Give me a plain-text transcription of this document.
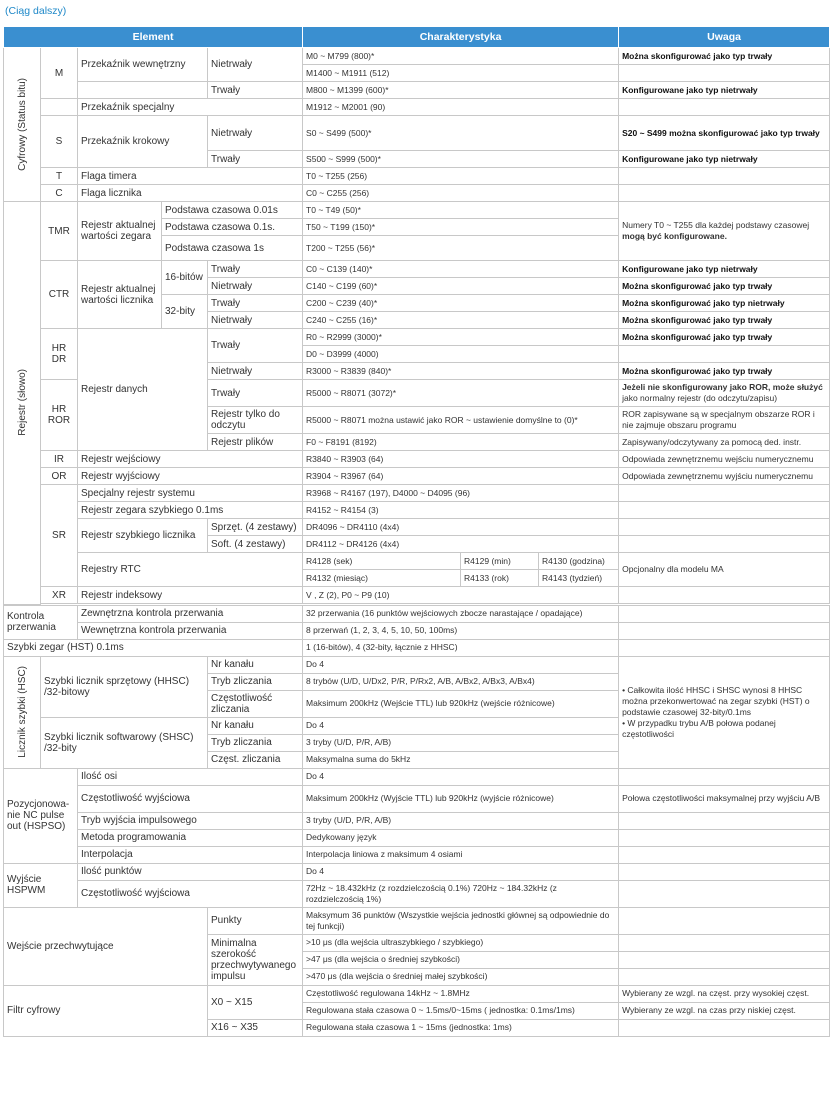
(Ciąg dalszy)
Element					Charakterystyka			Uwaga

Cyfrowy (Status bitu)	M	Przekaźnik wewnętrzny		Nietrwały	M0 ~ M799 (800)*			Można skonfigurować jako typ trwały
					M1400 ~ M1911 (512)			
				Trwały	M800 ~ M1399 (600)*			Konfigurowane jako typ nietrwały
		Przekaźnik specjalny			M1912 ~ M2001 (90)			
	S	Przekaźnik krokowy		Nietrwały	S0 ~ S499 (500)*			S20 ~ S499 można skonfigurować jako typ trwały
				Trwały	S500 ~ S999 (500)*			Konfigurowane jako typ nietrwały
	T	Flaga timera			T0 ~ T255 (256)			
	C	Flaga licznika			C0 ~ C255 (256)			

Rejestr (słowo)	TMR	Rejestr aktualnej wartości zegara	Podstawa czasowa 0.01s		T0 ~ T49 (50)*			Numery T0 ~ T255 dla każdej podstawy czasowej
mogą być konfigurowane.
			Podstawa czasowa 0.1s.		T50 ~ T199 (150)*			
			Podstawa czasowa 1s		T200 ~ T255 (56)*			
	CTR	Rejestr aktualnej wartości licznika	16-bitów	Trwały	C0 ~ C139 (140)*			Konfigurowane jako typ nietrwały
				Nietrwały	C140 ~ C199 (60)*			Można skonfigurować jako typ trwały
			32-bity	Trwały	C200 ~ C239 (40)*			Można skonfigurować jako typ nietrwały
				Nietrwały	C240 ~ C255 (16)*			Można skonfigurować jako typ trwały
	HR DR	Rejestr danych		Trwały	R0 ~ R2999 (3000)*			Można skonfigurować jako typ trwały
					D0 ~ D3999 (4000)			
				Nietrwały	R3000 ~ R3839 (840)*			Można skonfigurować jako typ trwały
	HR ROR			Trwały	R5000 ~ R8071 (3072)*			Jeżeli nie skonfigurowany jako ROR, może służyć
jako normalny rejestr (do odczytu/zapisu)
				Rejestr tylko do odczytu	R5000 ~ R8071 można ustawić jako ROR ~ ustawienie domyślne to (0)*			ROR zapisywane są w specjalnym obszarze ROR i nie zajmuje obszaru programu
				Rejestr plików	F0 ~ F8191 (8192)			Zapisywany/odczytywany za pomocą ded. instr.
	IR	Rejestr wejściowy			R3840 ~ R3903 (64)			Odpowiada zewnętrznemu wejściu numerycznemu
	OR	Rejestr wyjściowy			R3904 ~ R3967 (64)			Odpowiada zewnętrznemu wyjściu numerycznemu
	SR	Specjalny rejestr systemu			R3968 ~ R4167 (197), D4000 ~ D4095 (96)			
		Rejestr zegara szybkiego 0.1ms			R4152 ~ R4154 (3)			
		Rejestr szybkiego licznika		Sprzęt. (4 zestawy)	DR4096 ~ DR4110 (4x4)			
				Soft. (4 zestawy)	DR4112 ~ DR4126 (4x4)			
		Rejestry RTC			R4128 (sek)	R4129 (min)	R4130 (godzina)	Opcjonalny dla modelu MA
					R4132 (miesiąc)	R4133 (rok)	R4143 (tydzień)	
	XR	Rejestr indeksowy			V , Z (2), P0 ~ P9 (10)			

Kontrola przerwania		Zewnętrzna kontrola przerwania			32 przerwania (16 punktów wejściowych zbocze narastające / opadające)			
		Wewnętrzna kontrola przerwania			8 przerwań (1, 2, 3, 4, 5, 10, 50, 100ms)			
Szybki zegar (HST) 0.1ms					1 (16-bitów), 4 (32-bity, łącznie z HHSC)			

Licznik szybki (HSC)	Szybki licznik sprzętowy (HHSC) /32-bitowy			Nr kanału	Do 4			• Całkowita ilość HHSC i SHSC wynosi 8 HHSC można przekonwertować na zegar szybki (HST) o podstawie czasowej 32-bity/0.1ms
• W przypadku trybu A/B połowa podanej częstotliwości
				Tryb zliczania	8 trybów (U/D, U/Dx2, P/R, P/Rx2, A/B, A/Bx2, A/Bx3, A/Bx4)			
				Częstotliwość zliczania	Maksimum 200kHz (Wejście TTL) lub 920kHz (wejście różnicowe)			
	Szybki licznik softwarowy (SHSC) /32-bity			Nr kanału	Do 4			
				Tryb zliczania	3 tryby (U/D, P/R, A/B)			
				Częst. zliczania	Maksymalna suma do 5kHz			
Pozycjonowa- nie NC pulse out (HSPSO)		Ilość osi			Do 4			
		Częstotliwość wyjściowa			Maksimum 200kHz (Wyjście TTL) lub 920kHz (wyjście różnicowe)			Połowa częstotliwości maksymalnej przy wyjściu A/B
		Tryb wyjścia impulsowego			3 tryby (U/D, P/R, A/B)			
		Metoda programowania			Dedykowany język			
		Interpolacja			Interpolacja liniowa z maksimum 4 osiami			
Wyjście HSPWM		Ilość punktów			Do 4			
		Częstotliwość wyjściowa			72Hz ~ 18.432kHz (z rozdzielczością 0.1%) 720Hz ~ 184.32kHz (z rozdzielczością 1%)			
Wejście przechwytujące				Punkty	Maksymum 36 punktów (Wszystkie wejścia jednostki głównej są odpowiednie do tej funkcji)			
				Minimalna szerokość przechwytywanego impulsu	>10 μs (dla wejścia ultraszybkiego / szybkiego)			
					>47 μs (dla wejścia o średniej szybkości)			
					>470 μs (dla wejścia o średniej małej szybkości)			
Filtr cyfrowy				X0 ~ X15	Częstotliwość regulowana 14kHz ~ 1.8MHz			Wybierany ze wzgl. na częst. przy wysokiej częst.
					Regulowana stała czasowa 0 ~ 1.5ms/0~15ms ( jednostka: 0.1ms/1ms)			Wybierany ze wzgl. na czas przy niskiej częst.
				X16 ~ X35	Regulowana stała czasowa 1 ~ 15ms (jednostka: 1ms)			
